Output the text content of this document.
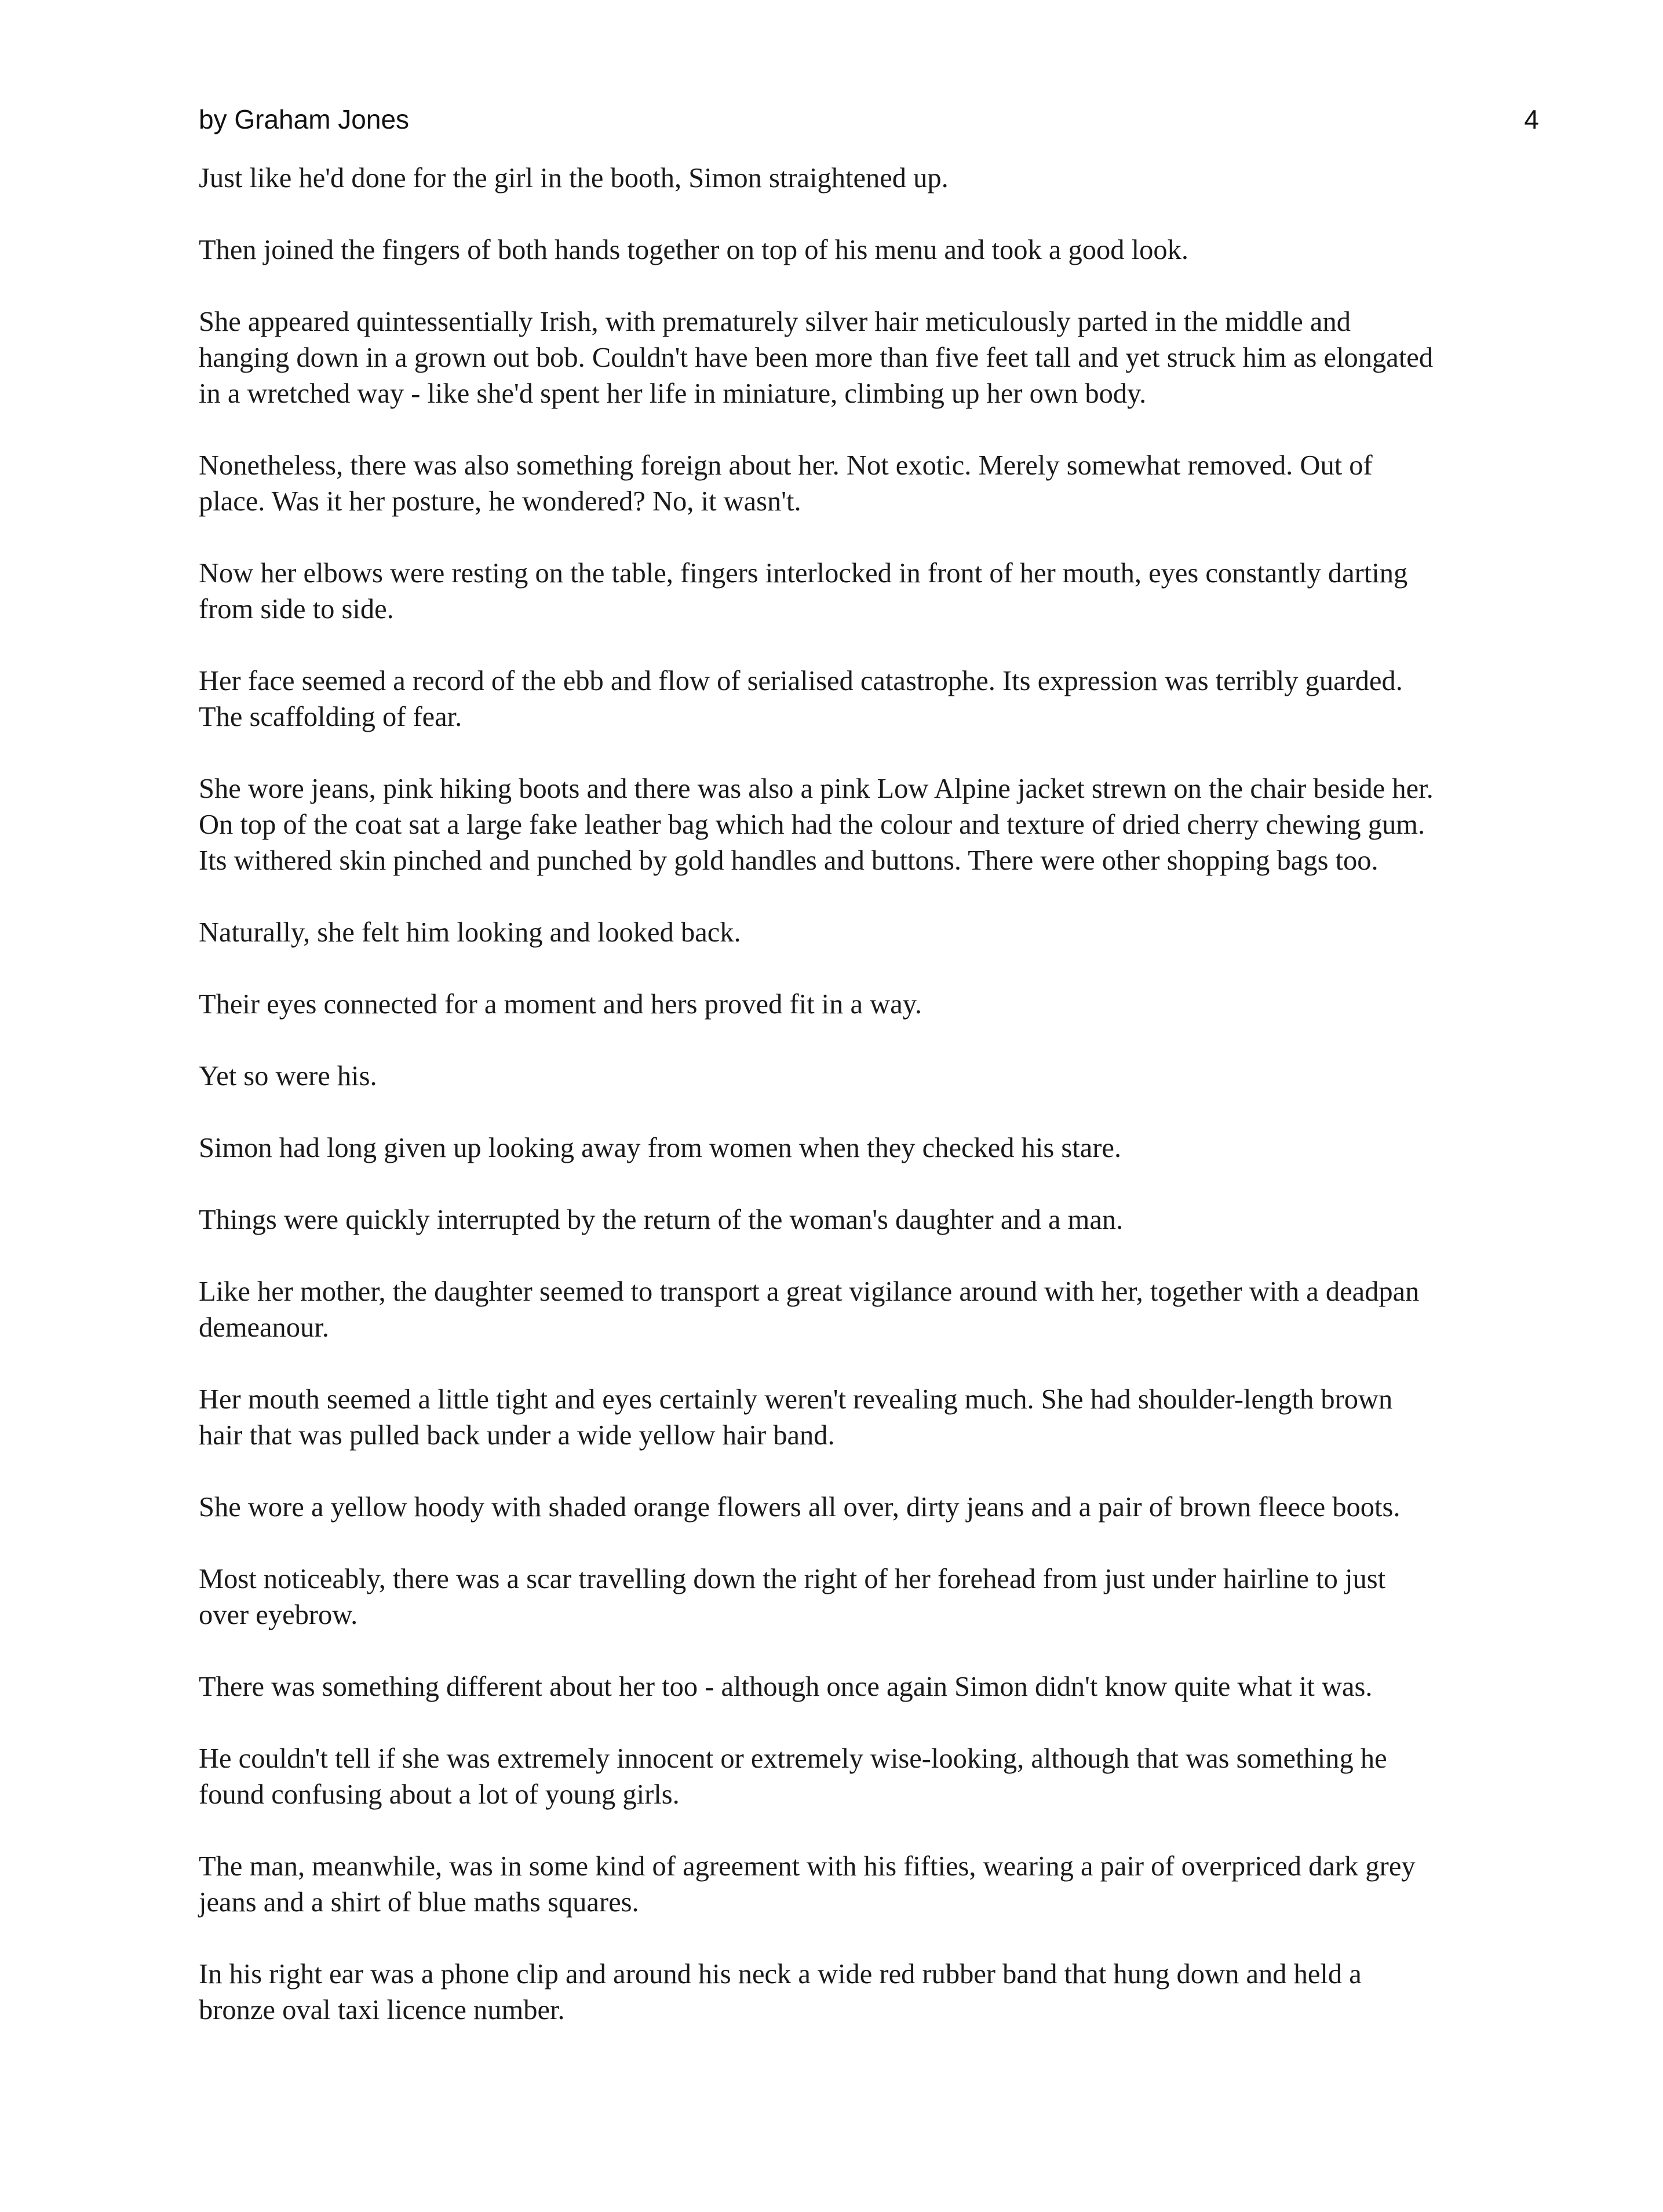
by Graham Jones	4
Just like he'd done for the girl in the booth, Simon straightened up.
Then joined the fingers of both hands together on top of his menu and took a good look.
She appeared quintessentially Irish, with prematurely silver hair meticulously parted in the middle and
hanging down in a grown out bob. Couldn't have been more than five feet tall and yet struck him as elongated
in a wretched way - like she'd spent her life in miniature, climbing up her own body.
Nonetheless, there was also something foreign about her. Not exotic. Merely somewhat removed. Out of
place. Was it her posture, he wondered? No, it wasn't.
Now her elbows were resting on the table, fingers interlocked in front of her mouth, eyes constantly darting
from side to side.
Her face seemed a record of the ebb and flow of serialised catastrophe. Its expression was terribly guarded.
The scaffolding of fear.
She wore jeans, pink hiking boots and there was also a pink Low Alpine jacket strewn on the chair beside her.
On top of the coat sat a large fake leather bag which had the colour and texture of dried cherry chewing gum.
Its withered skin pinched and punched by gold handles and buttons. There were other shopping bags too.
Naturally, she felt him looking and looked back.
Their eyes connected for a moment and hers proved fit in a way.
Yet so were his.
Simon had long given up looking away from women when they checked his stare.
Things were quickly interrupted by the return of the woman's daughter and a man.
Like her mother, the daughter seemed to transport a great vigilance around with her, together with a deadpan
demeanour.
Her mouth seemed a little tight and eyes certainly weren't revealing much. She had shoulder-length brown
hair that was pulled back under a wide yellow hair band.
She wore a yellow hoody with shaded orange flowers all over, dirty jeans and a pair of brown fleece boots.
Most noticeably, there was a scar travelling down the right of her forehead from just under hairline to just
over eyebrow.
There was something different about her too - although once again Simon didn't know quite what it was.
He couldn't tell if she was extremely innocent or extremely wise-looking, although that was something he
found confusing about a lot of young girls.
The man, meanwhile, was in some kind of agreement with his fifties, wearing a pair of overpriced dark grey
jeans and a shirt of blue maths squares.
In his right ear was a phone clip and around his neck a wide red rubber band that hung down and held a
bronze oval taxi licence number.
